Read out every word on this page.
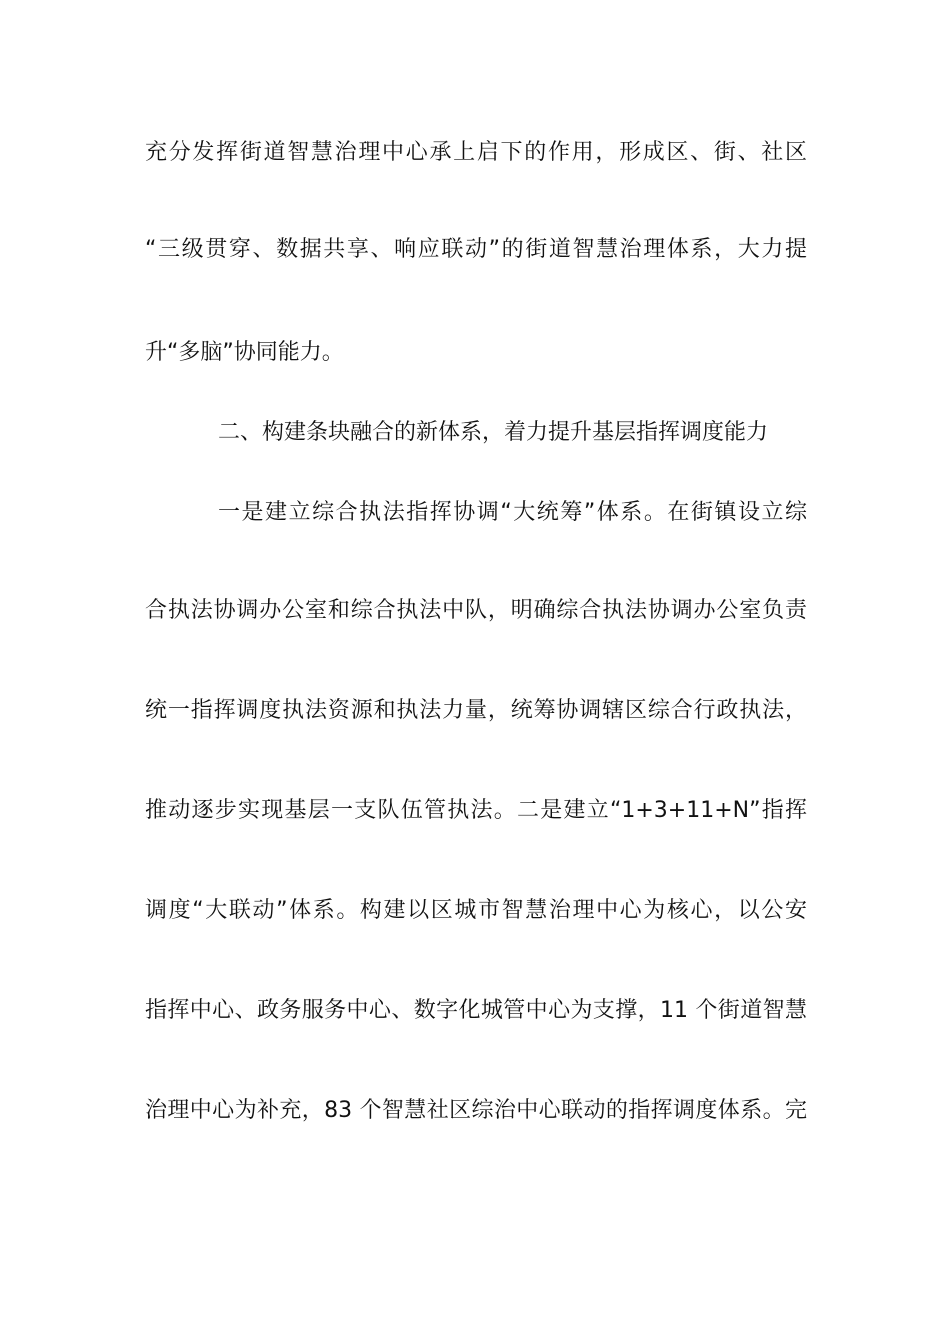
充分发挥街道智慧治理中心承上启下的作用，形成区、街、社区
“三级贯穿、数据共享、响应联动”的街道智慧治理体系，大力提
升“多脑”协同能力。
二、构建条块融合的新体系，着力提升基层指挥调度能力
一是建立综合执法指挥协调“大统筹”体系。在街镇设立综
合执法协调办公室和综合执法中队，明确综合执法协调办公室负责
统一指挥调度执法资源和执法力量，统筹协调辖区综合行政执法，
推动逐步实现基层一支队伍管执法。二是建立“1+3+11+N”指挥
调度“大联动”体系。构建以区城市智慧治理中心为核心，以公安
指挥中心、政务服务中心、数字化城管中心为支撑，11 个街道智慧
治理中心为补充，83 个智慧社区综治中心联动的指挥调度体系。完
